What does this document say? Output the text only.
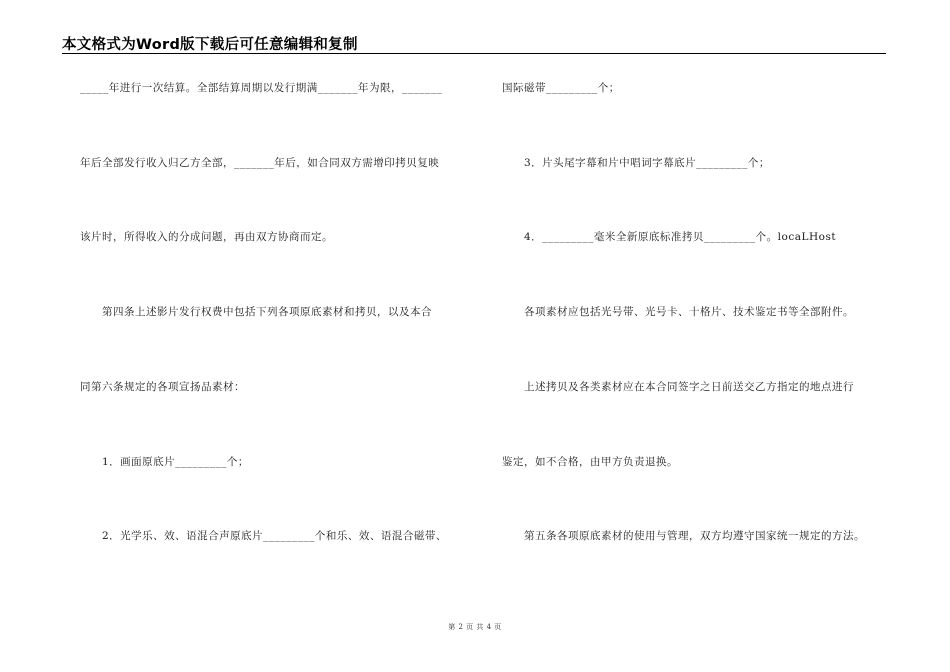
本文格式为Word版下载后可任意编辑和复制
_____年进行一次结算。全部结算周期以发行期满_______年为限，_______
年后全部发行收入归乙方全部，_______年后，如合同双方需增印拷贝复映
该片时，所得收入的分成问题，再由双方协商而定。
　　第四条上述影片发行权费中包括下列各项原底素材和拷贝，以及本合
同第六条规定的各项宣扬品素材：
　　1．画面原底片_________个；
　　2．光学乐、效、语混合声原底片_________个和乐、效、语混合磁带、
国际磁带_________个；
　　3．片头尾字幕和片中唱词字幕底片_________个；
　　4．_________毫米全新原底标准拷贝_________个。locaLHost
　　各项素材应包括光号带、光号卡、十格片、技术鉴定书等全部附件。
　　上述拷贝及各类素材应在本合同签字之日前送交乙方指定的地点进行
鉴定，如不合格，由甲方负责退换。
　　第五条各项原底素材的使用与管理，双方均遵守国家统一规定的方法。
第 2 页 共 4 页
